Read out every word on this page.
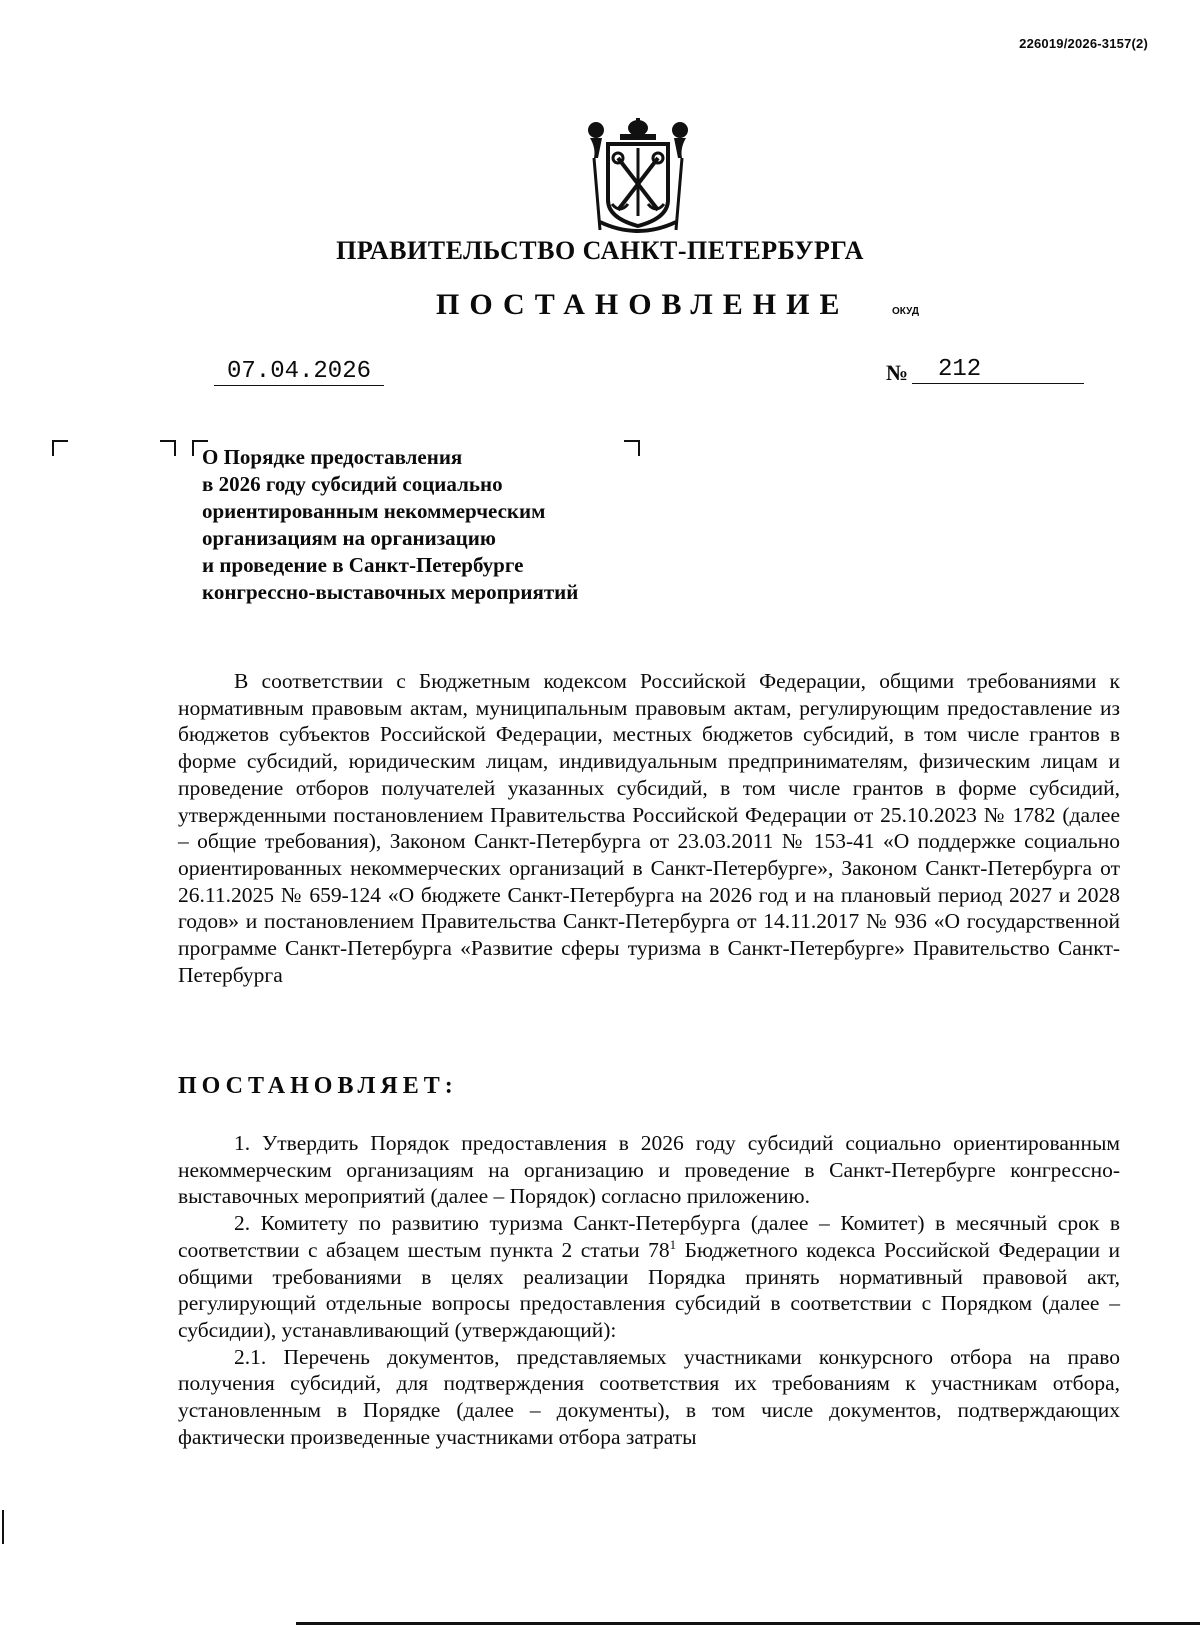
226019/2026-3157(2)
ПРАВИТЕЛЬСТВО САНКТ-ПЕТЕРБУРГА
ПОСТАНОВЛЕНИЕ	ОКУД
07.04.2026	№	212
О Порядке предоставления
в 2026 году субсидий социально
ориентированным некоммерческим
организациям на организацию
и проведение в Санкт-Петербурге
конгрессно-выставочных мероприятий

В соответствии с Бюджетным кодексом Российской Федерации, общими требованиями к нормативным правовым актам, муниципальным правовым актам, регулирующим предоставление из бюджетов субъектов Российской Федерации, местных бюджетов субсидий, в том числе грантов в форме субсидий, юридическим лицам, индивидуальным предпринимателям, физическим лицам и проведение отборов получателей указанных субсидий, в том числе грантов в форме субсидий, утвержденными постановлением Правительства Российской Федерации от 25.10.2023 № 1782 (далее – общие требования), Законом Санкт-Петербурга от 23.03.2011 № 153-41 «О поддержке социально ориентированных некоммерческих организаций в Санкт-Петербурге», Законом Санкт-Петербурга от 26.11.2025 № 659-124 «О бюджете Санкт-Петербурга на 2026 год и на плановый период 2027 и 2028 годов» и постановлением Правительства Санкт-Петербурга от 14.11.2017 № 936 «О государственной программе Санкт-Петербурга «Развитие сферы туризма в Санкт-Петербурге» Правительство Санкт-Петербурга

ПОСТАНОВЛЯЕТ:

1. Утвердить Порядок предоставления в 2026 году субсидий социально ориентированным некоммерческим организациям на организацию и проведение в Санкт-Петербурге конгрессно-выставочных мероприятий (далее – Порядок) согласно приложению.

2. Комитету по развитию туризма Санкт-Петербурга (далее – Комитет) в месячный срок в соответствии с абзацем шестым пункта 2 статьи $78^1$ Бюджетного кодекса Российской Федерации и общими требованиями в целях реализации Порядка принять нормативный правовой акт, регулирующий отдельные вопросы предоставления субсидий в соответствии с Порядком (далее – субсидии), устанавливающий (утверждающий):

2.1. Перечень документов, представляемых участниками конкурсного отбора на право получения субсидий, для подтверждения соответствия их требованиям к участникам отбора, установленным в Порядке (далее – документы), в том числе документов, подтверждающих фактически произведенные участниками отбора затраты
